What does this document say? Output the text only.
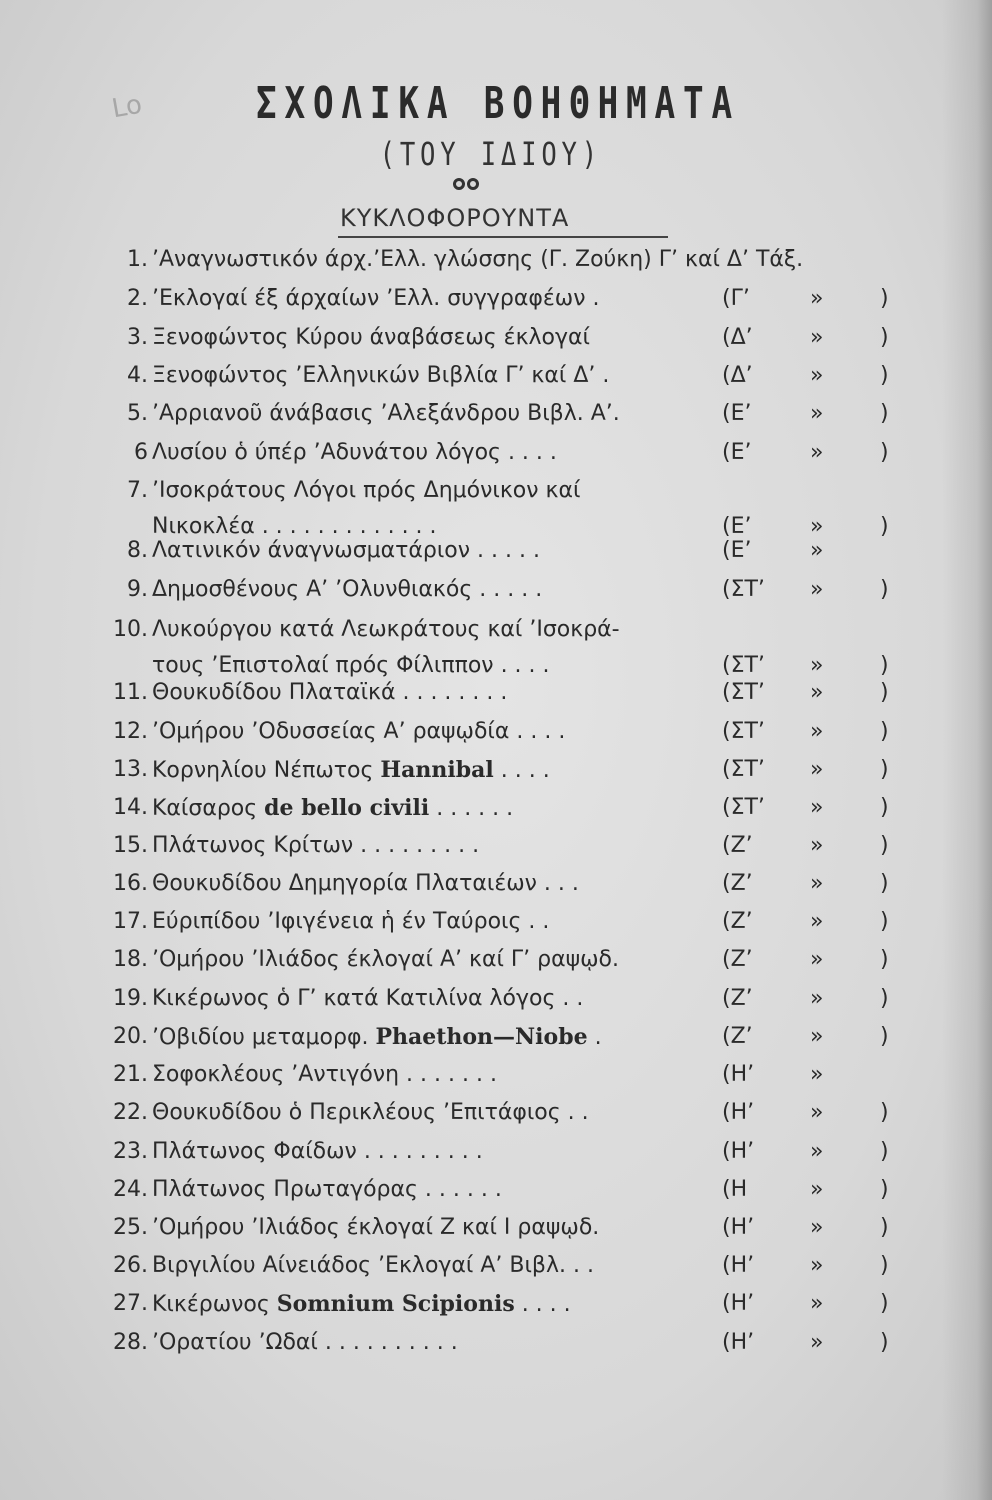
Lo	ΣΧΟΛΙΚΑ ΒΟΗΘΗΜΑΤΑ
(ΤΟΥ ΙΔΙΟΥ)
ΚΥΚΛΟΦΟΡΟΥΝΤΑ
1. ’Αναγνωστικόν άρχ.’Ελλ. γλώσσης (Γ. Ζούκη) Γ’ καί Δ’ Τάξ.
2. ’Εκλογαί έξ άρχαίων ’Ελλ. συγγραφέων .	(Γ’	»	)
3. Ξενοφώντος Κύρου άναβάσεως έκλογαί	(Δ’	»	)
4. Ξενοφώντος ’Ελληνικών Βιβλία Γ’ καί Δ’ .	(Δ’	»	)
5. ’Αρριανοῦ άνάβασις ’Αλεξάνδρου Βιβλ. Α’.	(Ε’	»	)
6 Λυσίου ὁ ύπέρ ’Αδυνάτου λόγος . . . .	(Ε’	»	)
7. ’Ισοκράτους Λόγοι πρός Δημόνικον καί
Νικοκλέα . . . . . . . . . . . . .	(Ε’	»	)
8. Λατινικόν άναγνωσματάριον . . . . .	(Ε’	»
9. Δημοσθένους Α’ ’Ολυνθιακός . . . . .	(ΣΤ’	»	)
10. Λυκούργου κατά Λεωκράτους καί ’Ισοκρά-
τους ’Επιστολαί πρός Φίλιππον . . . .	(ΣΤ’	»	)
11. Θουκυδίδου Πλαταϊκά . . . . . . . .	(ΣΤ’	»	)
12. ’Ομήρου ’Οδυσσείας Α’ ραψῳδία . . . .	(ΣΤ’	»	)
13. Κορνηλίου Νέπωτος Hannibal . . . .	(ΣΤ’	»	)
14. Καίσαρος de bello civili . . . . . .	(ΣΤ’	»	)
15. Πλάτωνος Κρίτων . . . . . . . . .	(Ζ’	»	)
16. Θουκυδίδου Δημηγορία Πλαταιέων . . .	(Ζ’	»	)
17. Εύριπίδου ’Ιφιγένεια ἡ έν Ταύροις . .	(Ζ’	»	)
18. ’Ομήρου ’Ιλιάδος έκλογαί Α’ καί Γ’ ραψῳδ.	(Ζ’	»	)
19. Κικέρωνος ὁ Γ’ κατά Κατιλίνα λόγος . .	(Ζ’	»	)
20. ’Οβιδίου μεταμορφ. Phaethon—Niobe .	(Ζ’	»	)
21. Σοφοκλέους ’Αντιγόνη . . . . . . .	(Η’	»
22. Θουκυδίδου ὁ Περικλέους ’Επιτάφιος . .	(Η’	»	)
23. Πλάτωνος Φαίδων . . . . . . . . .	(Η’	»	)
24. Πλάτωνος Πρωταγόρας . . . . . .	(Η	»	)
25. ’Ομήρου ’Ιλιάδος έκλογαί Ζ καί Ι ραψῳδ.	(Η’	»	)
26. Βιργιλίου Αίνειάδος ’Εκλογαί Α’ Βιβλ. . .	(Η’	»	)
27. Κικέρωνος Somnium Scipionis . . . .	(Η’	»	)
28. ’Ορατίου ’Ωδαί . . . . . . . . . .	(Η’	»	)
